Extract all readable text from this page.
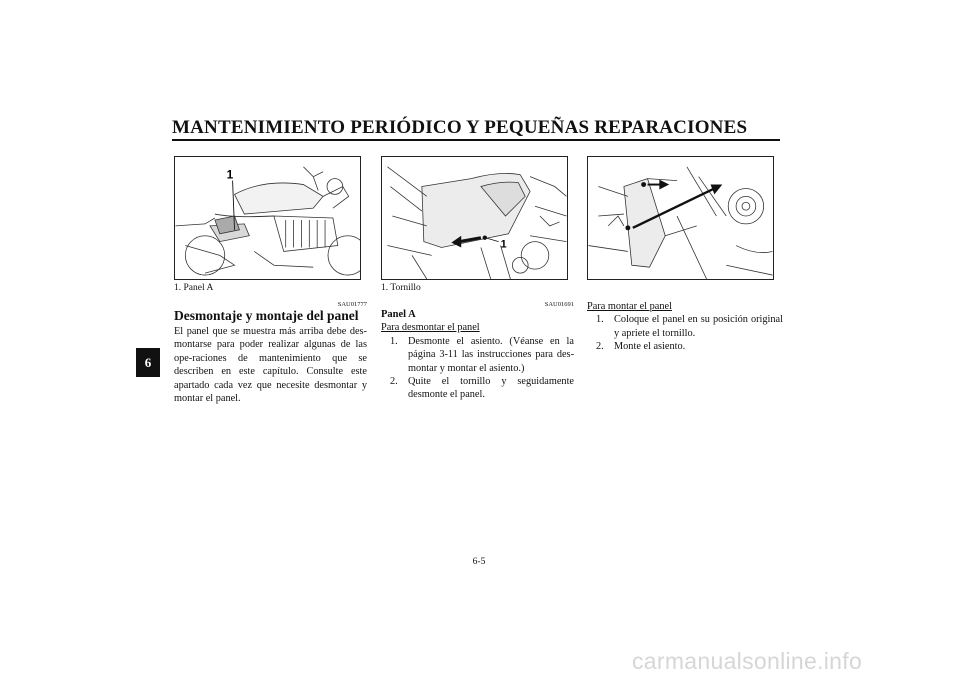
MANTENIMIENTO PERIÓDICO Y PEQUEÑAS REPARACIONES
6
1
1. Panel A
1
1. Tornillo
SAU01777
Desmontaje y montaje del panel
El panel que se muestra más arriba debe des-montarse para poder realizar algunas de las ope-raciones de mantenimiento que se describen en este capítulo. Consulte este apartado cada vez que necesite desmontar y montar el panel.
SAU01691
Panel A
Para desmontar el panel
1. Desmonte el asiento. (Véanse en la página 3-11 las instrucciones para des-montar y montar el asiento.)
2. Quite el tornillo y seguidamente desmonte el panel.
Para montar el panel
1. Coloque el panel en su posición original y apriete el tornillo.
2. Monte el asiento.
6-5
carmanualsonline.info
